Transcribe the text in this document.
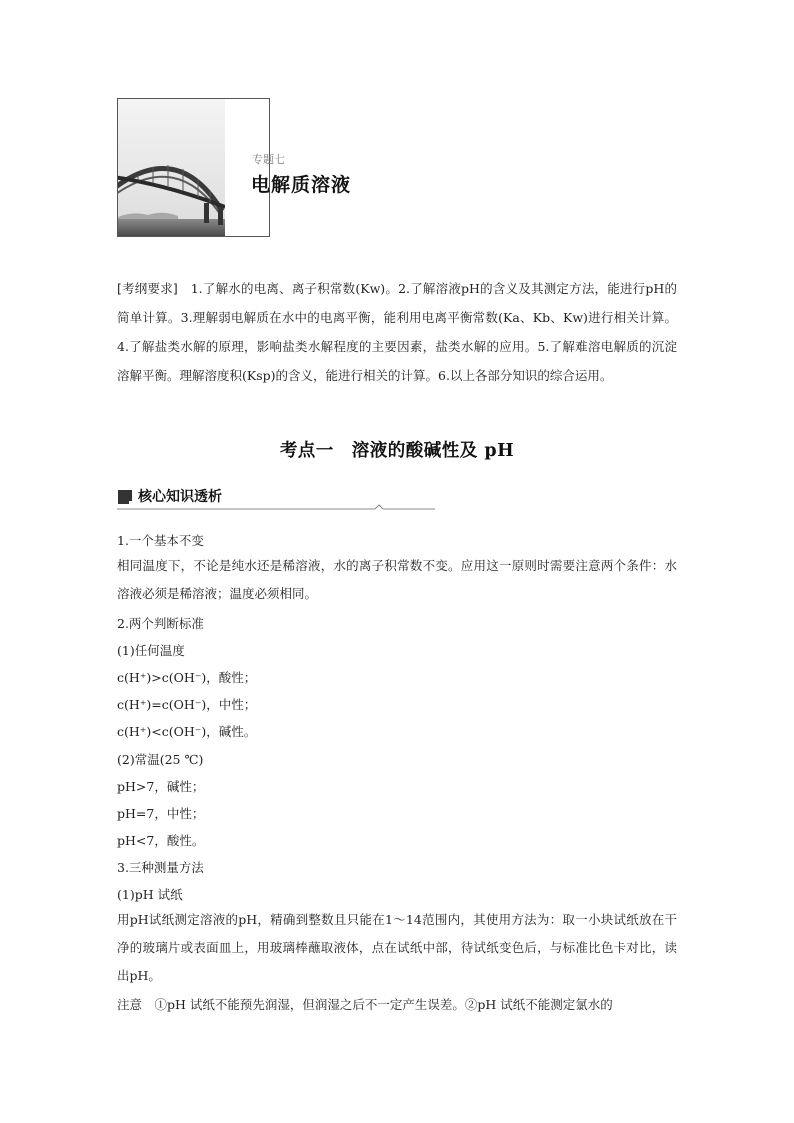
专题七
电解质溶液

[考纲要求]　 1.了解水的电离、离子积常数(Kw)。2.了解溶液pH的含义及其测定方法，能进行pH的简单计算。3.理解弱电解质在水中的电离平衡，能利用电离平衡常数(Ka、Kb、Kw)进行相关计算。4.了解盐类水解的原理，影响盐类水解程度的主要因素，盐类水解的应用。5.了解难溶电解质的沉淀溶解平衡。理解溶度积(Ksp)的含义，能进行相关的计算。6.以上各部分知识的综合运用。

考点一　溶液的酸碱性及 pH
核心知识透析

1.一个基本不变

相同温度下，不论是纯水还是稀溶液，水的离子积常数不变。应用这一原则时需要注意两个条件：水溶液必须是稀溶液；温度必须相同。

2.两个判断标准

(1)任何温度

c(H⁺)>c(OH⁻)，酸性；

c(H⁺)=c(OH⁻)，中性；

c(H⁺)<c(OH⁻)，碱性。

(2)常温(25 ℃)

pH>7，碱性；

pH=7，中性；

pH<7，酸性。

3.三种测量方法

(1)pH 试纸

用pH试纸测定溶液的pH，精确到整数且只能在1～14范围内，其使用方法为：取一小块试纸放在干净的玻璃片或表面皿上，用玻璃棒蘸取液体，点在试纸中部，待试纸变色后，与标准比色卡对比，读出pH。

注意　①pH 试纸不能预先润湿，但润湿之后不一定产生误差。②pH 试纸不能测定氯水的
